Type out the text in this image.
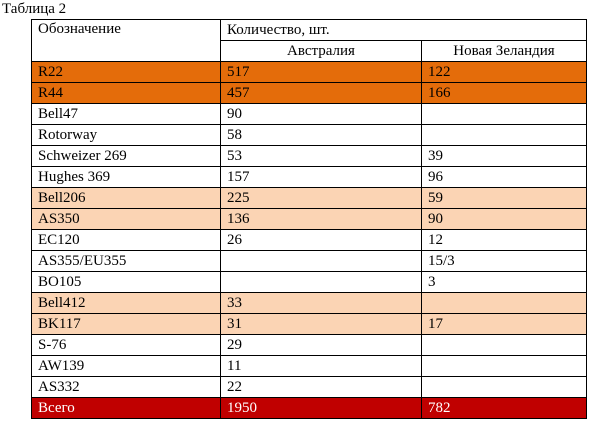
Таблица 2
Обозначение	Количество, шт.	
	Австралия	Новая Зеландия
R22	517	122
R44	457	166
Bell47	90	
Rotorway	58	
Schweizer 269	53	39
Hughes 369	157	96
Bell206	225	59
AS350	136	90
EC120	26	12
AS355/EU355		15/3
BO105		3
Bell412	33	
BK117	31	17
S-76	29	
AW139	11	
AS332	22	
Всего	1950	782
